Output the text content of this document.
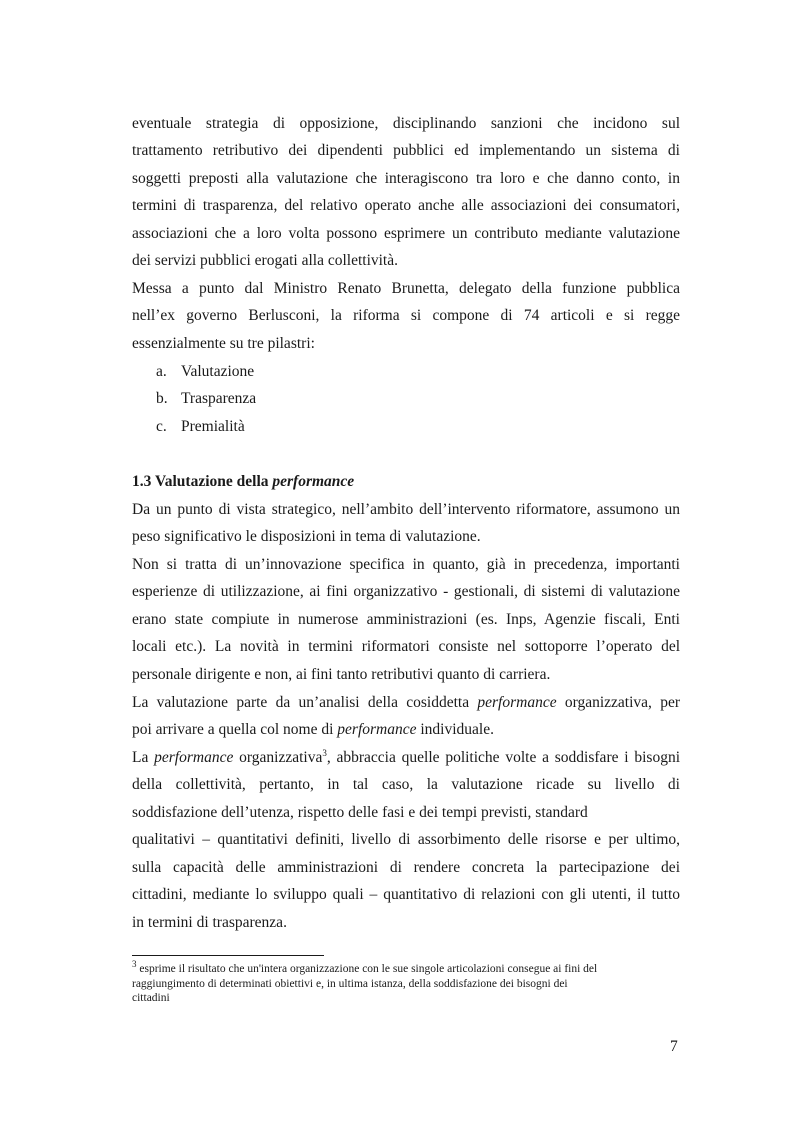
eventuale strategia di opposizione, disciplinando sanzioni che incidono sul
trattamento retributivo dei dipendenti pubblici ed implementando un sistema di
soggetti preposti alla valutazione che interagiscono tra loro e che danno conto, in
termini di trasparenza, del relativo operato anche alle associazioni dei consumatori,
associazioni che a loro volta possono esprimere un contributo mediante valutazione
dei servizi pubblici erogati alla collettività.
Messa a punto dal Ministro Renato Brunetta, delegato della funzione pubblica
nell’ex governo Berlusconi, la riforma si compone di 74 articoli e si regge
essenzialmente su tre pilastri:
a. Valutazione
b. Trasparenza
c. Premialità
1.3 Valutazione della performance
Da un punto di vista strategico, nell’ambito dell’intervento riformatore, assumono un
peso significativo le disposizioni in tema di valutazione.
Non si tratta di un’innovazione specifica in quanto, già in precedenza, importanti
esperienze di utilizzazione, ai fini organizzativo - gestionali, di sistemi di valutazione
erano state compiute in numerose amministrazioni (es. Inps, Agenzie fiscali, Enti
locali etc.). La novità in termini riformatori consiste nel sottoporre l’operato del
personale dirigente e non, ai fini tanto retributivi quanto di carriera.
La valutazione parte da un’analisi della cosiddetta performance organizzativa, per
poi arrivare a quella col nome di performance individuale.
La performance organizzativa$^3$, abbraccia quelle politiche volte a soddisfare i bisogni
della collettività, pertanto, in tal caso, la valutazione ricade su livello di
soddisfazione dell’utenza, rispetto delle fasi e dei tempi previsti, standard
qualitativi – quantitativi definiti, livello di assorbimento delle risorse e per ultimo,
sulla capacità delle amministrazioni di rendere concreta la partecipazione dei
cittadini, mediante lo sviluppo quali – quantitativo di relazioni con gli utenti, il tutto
in termini di trasparenza.
$^3$ esprime il risultato che un'intera organizzazione con le sue singole articolazioni consegue ai fini del
raggiungimento di determinati obiettivi e, in ultima istanza, della soddisfazione dei bisogni dei
cittadini
7
